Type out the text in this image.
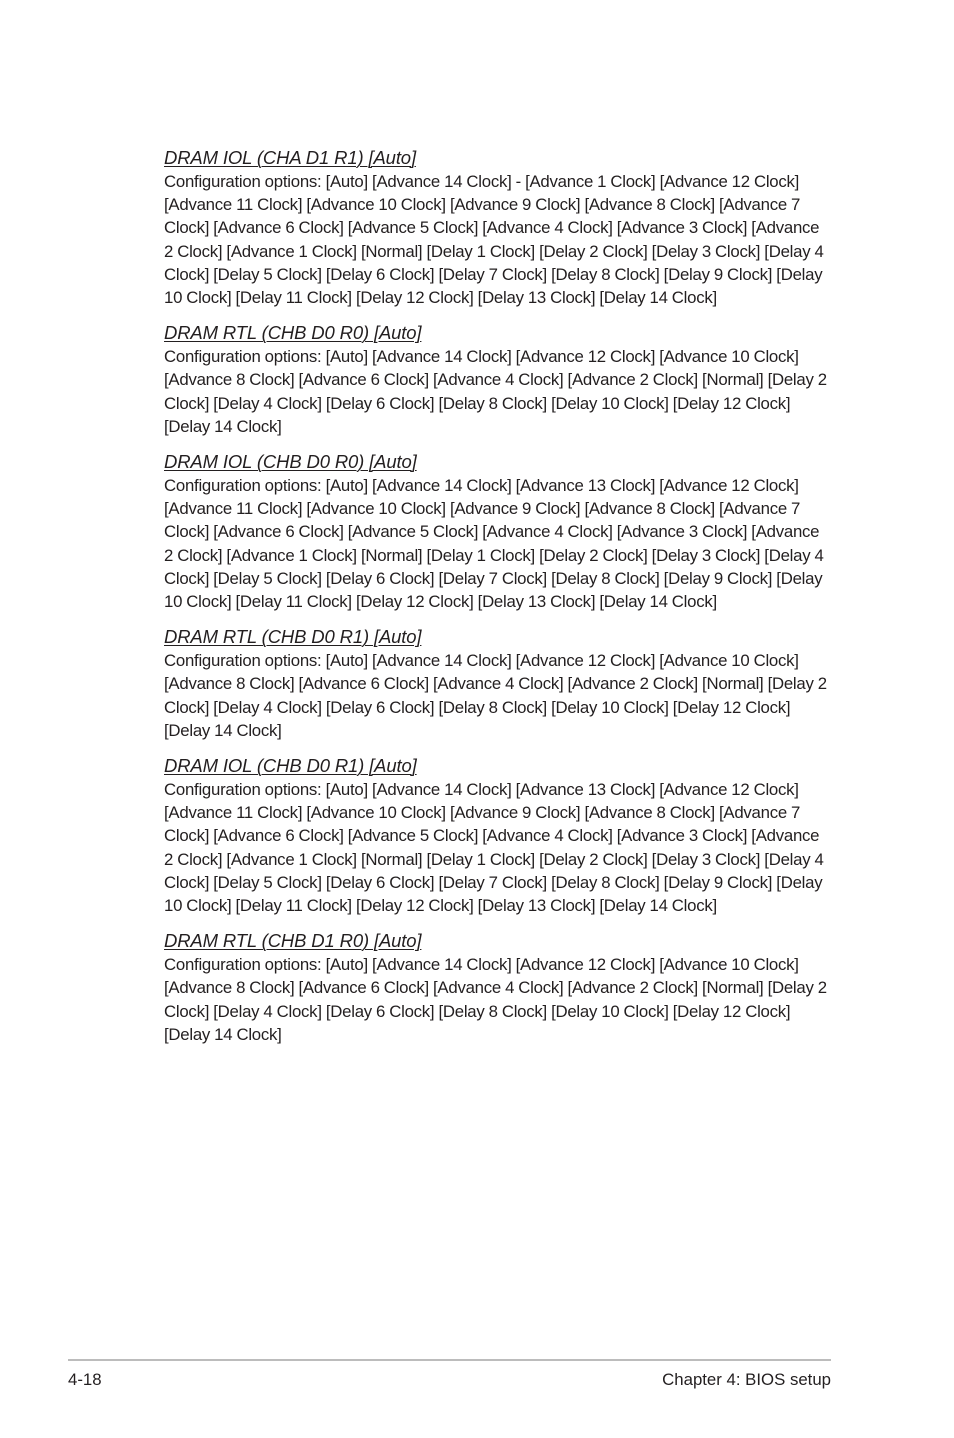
DRAM IOL (CHA D1 R1) [Auto]

Configuration options: [Auto] [Advance 14 Clock] - [Advance 1 Clock] [Advance 12 Clock] [Advance 11 Clock] [Advance 10 Clock] [Advance 9 Clock] [Advance 8 Clock] [Advance 7 Clock] [Advance 6 Clock] [Advance 5 Clock] [Advance 4 Clock] [Advance 3 Clock] [Advance 2 Clock] [Advance 1 Clock] [Normal] [Delay 1 Clock] [Delay 2 Clock] [Delay 3 Clock] [Delay 4 Clock] [Delay 5 Clock] [Delay 6 Clock] [Delay 7 Clock] [Delay 8 Clock] [Delay 9 Clock] [Delay 10 Clock] [Delay 11 Clock] [Delay 12 Clock] [Delay 13 Clock] [Delay 14 Clock]

DRAM RTL (CHB D0 R0) [Auto]

Configuration options: [Auto] [Advance 14 Clock] [Advance 12 Clock] [Advance 10 Clock] [Advance 8 Clock] [Advance 6 Clock] [Advance 4 Clock] [Advance 2 Clock] [Normal] [Delay 2 Clock] [Delay 4 Clock] [Delay 6 Clock] [Delay 8 Clock] [Delay 10 Clock] [Delay 12 Clock] [Delay 14 Clock]

DRAM IOL (CHB D0 R0) [Auto]

Configuration options: [Auto] [Advance 14 Clock] [Advance 13 Clock] [Advance 12 Clock] [Advance 11 Clock] [Advance 10 Clock] [Advance 9 Clock] [Advance 8 Clock] [Advance 7 Clock] [Advance 6 Clock] [Advance 5 Clock] [Advance 4 Clock] [Advance 3 Clock] [Advance 2 Clock] [Advance 1 Clock] [Normal] [Delay 1 Clock] [Delay 2 Clock] [Delay 3 Clock] [Delay 4 Clock] [Delay 5 Clock] [Delay 6 Clock] [Delay 7 Clock] [Delay 8 Clock] [Delay 9 Clock] [Delay 10 Clock] [Delay 11 Clock] [Delay 12 Clock] [Delay 13 Clock] [Delay 14 Clock]

DRAM RTL (CHB D0 R1) [Auto]

Configuration options: [Auto] [Advance 14 Clock] [Advance 12 Clock] [Advance 10 Clock] [Advance 8 Clock] [Advance 6 Clock] [Advance 4 Clock] [Advance 2 Clock] [Normal] [Delay 2 Clock] [Delay 4 Clock] [Delay 6 Clock] [Delay 8 Clock] [Delay 10 Clock] [Delay 12 Clock] [Delay 14 Clock]

DRAM IOL (CHB D0 R1) [Auto]

Configuration options: [Auto] [Advance 14 Clock] [Advance 13 Clock] [Advance 12 Clock] [Advance 11 Clock] [Advance 10 Clock] [Advance 9 Clock] [Advance 8 Clock] [Advance 7 Clock] [Advance 6 Clock] [Advance 5 Clock] [Advance 4 Clock] [Advance 3 Clock] [Advance 2 Clock] [Advance 1 Clock] [Normal] [Delay 1 Clock] [Delay 2 Clock] [Delay 3 Clock] [Delay 4 Clock] [Delay 5 Clock] [Delay 6 Clock] [Delay 7 Clock] [Delay 8 Clock] [Delay 9 Clock] [Delay 10 Clock] [Delay 11 Clock] [Delay 12 Clock] [Delay 13 Clock] [Delay 14 Clock]

DRAM RTL (CHB D1 R0) [Auto]

Configuration options: [Auto] [Advance 14 Clock] [Advance 12 Clock] [Advance 10 Clock] [Advance 8 Clock] [Advance 6 Clock] [Advance 4 Clock] [Advance 2 Clock] [Normal] [Delay 2 Clock] [Delay 4 Clock] [Delay 6 Clock] [Delay 8 Clock] [Delay 10 Clock] [Delay 12 Clock] [Delay 14 Clock]

4-18	Chapter 4: BIOS setup
